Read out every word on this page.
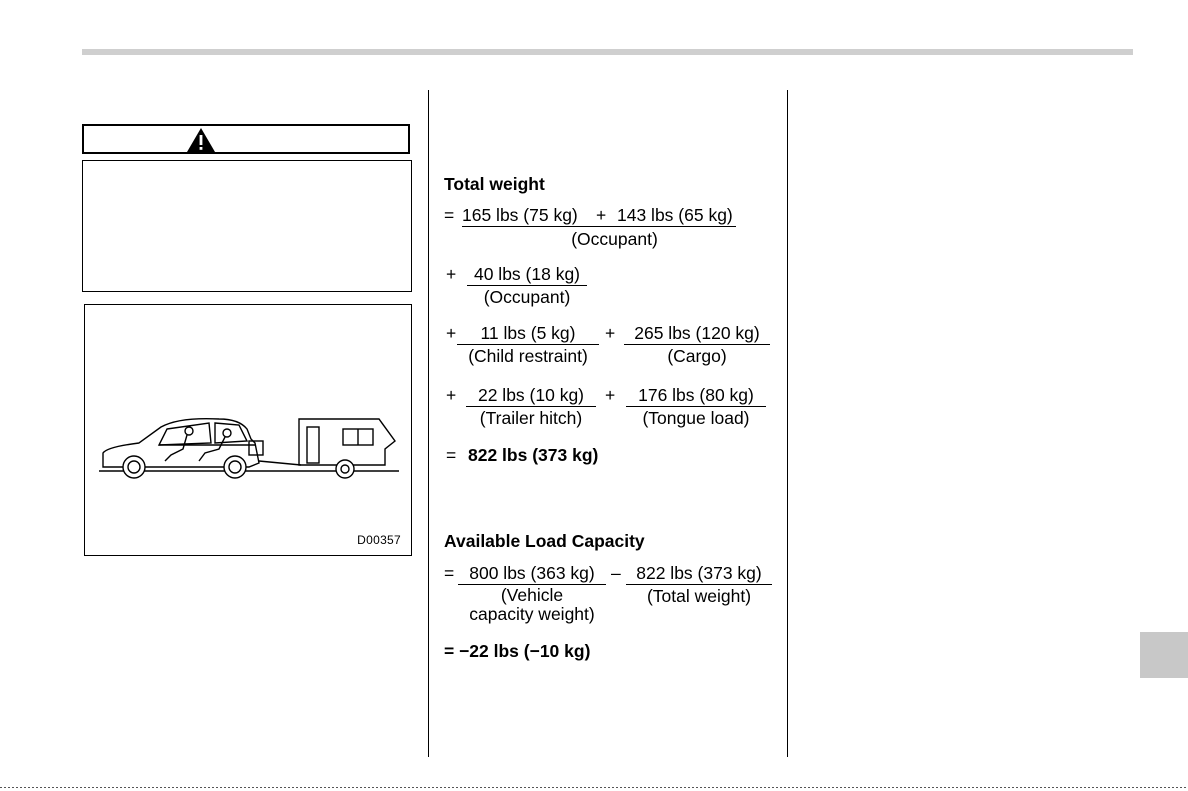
D00357
Total weight
= 165 lbs (75 kg) + 143 lbs (65 kg)
(Occupant)
+	40 lbs (18 kg)
(Occupant)
+	11 lbs (5 kg)
(Child restraint)
+	265 lbs (120 kg)
(Cargo)
+	22 lbs (10 kg)
(Trailer hitch)
+	176 lbs (80 kg)
(Tongue load)
= 822 lbs (373 kg)
Available Load Capacity
= 800 lbs (363 kg)
(Vehicle
capacity weight)
– 822 lbs (373 kg)
(Total weight)
= −22 lbs (−10 kg)
